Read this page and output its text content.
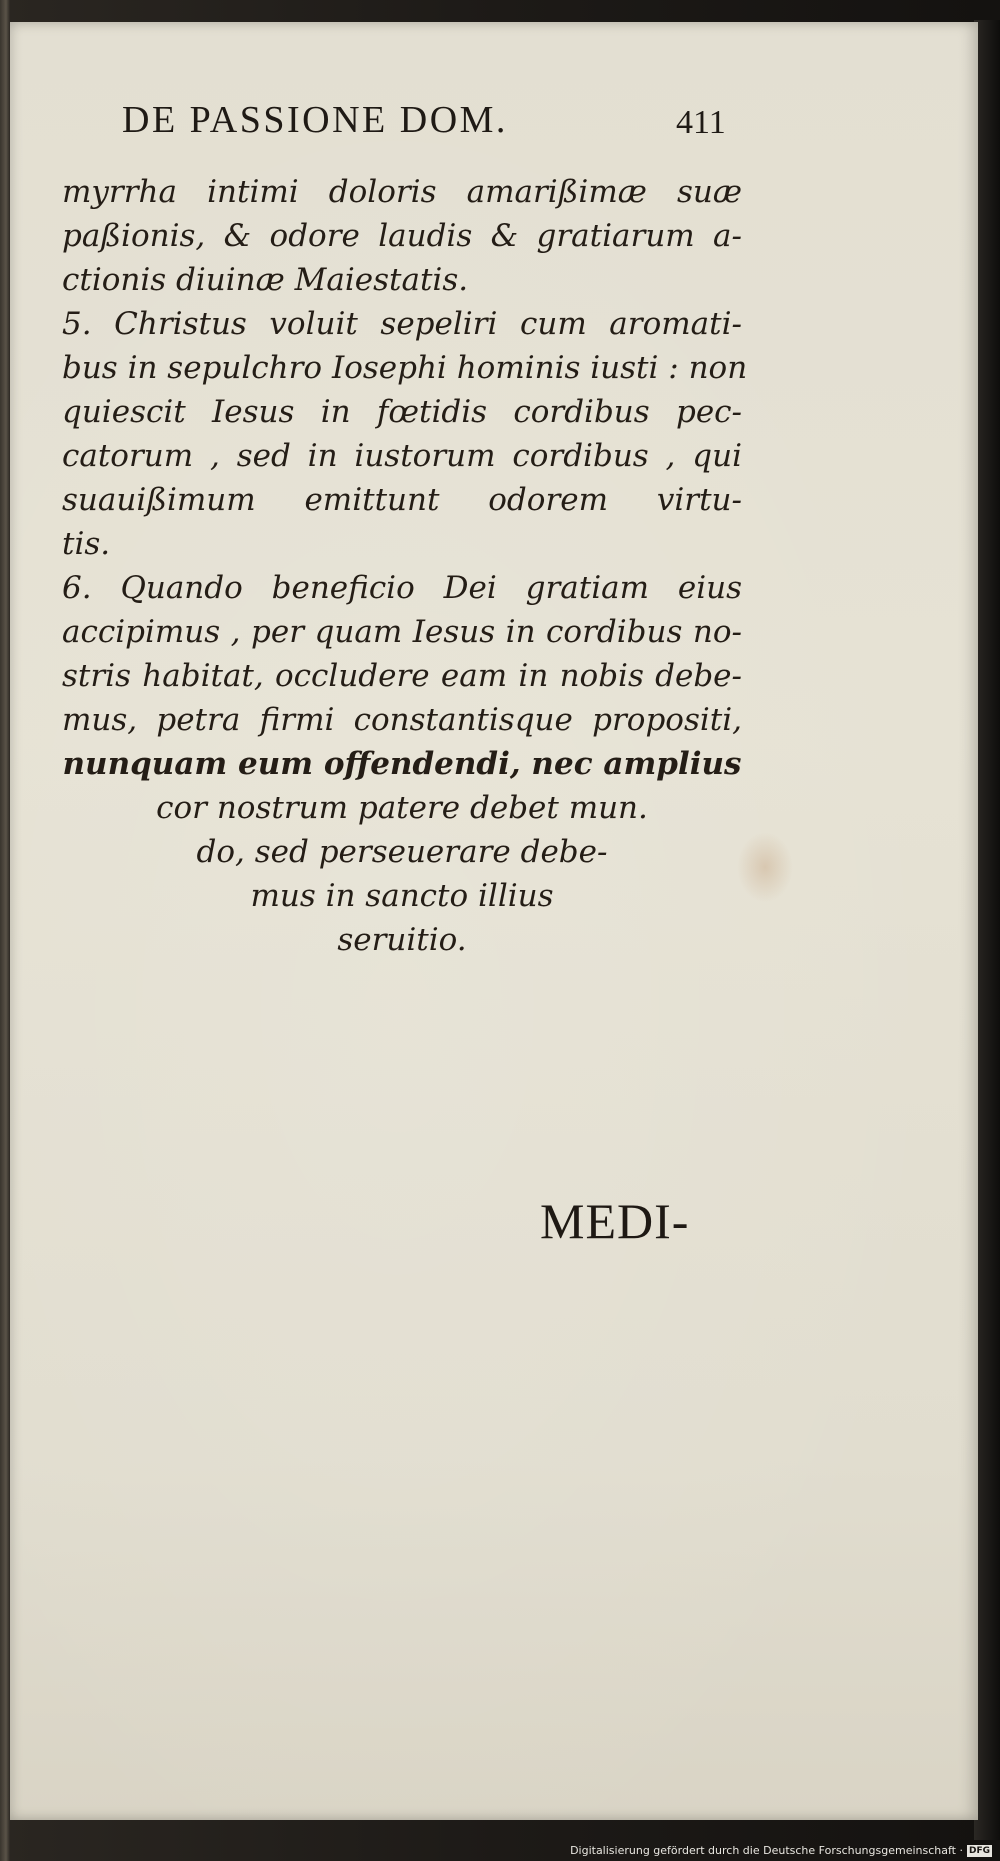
DE PASSIONE DOM.	411
myrrha intimi doloris amarißimæ suæ
paßionis, & odore laudis & gratiarum a-
ctionis diuinæ Maiestatis.
5. Christus voluit sepeliri cum aromati-
bus in sepulchro Iosephi hominis iusti : non
quiescit Iesus in fœtidis cordibus pec-
catorum , sed in iustorum cordibus , qui
suauißimum emittunt odorem virtu-
tis.
6. Quando beneficio Dei gratiam eius
accipimus , per quam Iesus in cordibus no-
stris habitat, occludere eam in nobis debe-
mus, petra firmi constantisque propositi,
nunquam eum offendendi, nec amplius
cor nostrum patere debet mun.
do, sed perseuerare debe-
mus in sancto illius
seruitio.
MEDI-
Digitalisierung gefördert durch die Deutsche Forschungsgemeinschaft · DFG
